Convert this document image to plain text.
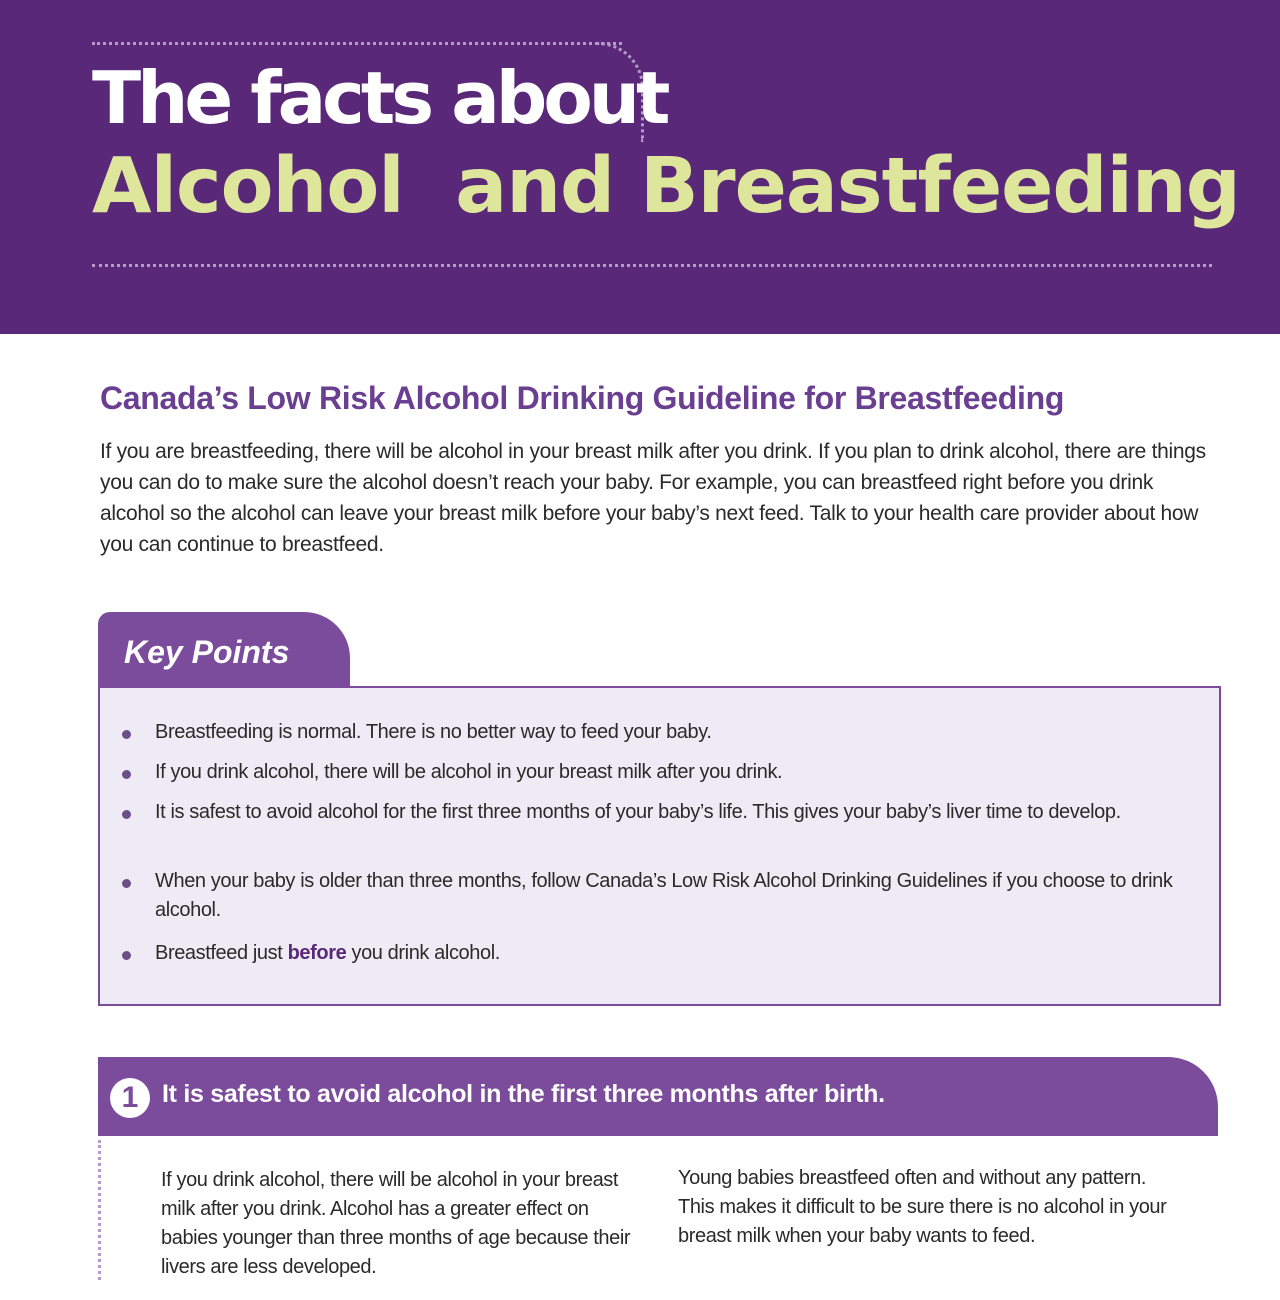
The facts about
Alcohol  and Breastfeeding
Canada’s Low Risk Alcohol Drinking Guideline for Breastfeeding

If you are breastfeeding, there will be alcohol in your breast milk after you drink. If you plan to drink alcohol, there are things you can do to make sure the alcohol doesn’t reach your baby. For example, you can breastfeed right before you drink alcohol so the alcohol can leave your breast milk before your baby’s next feed. Talk to your health care provider about how you can continue to breastfeed.

Key Points
Breastfeeding is normal. There is no better way to feed your baby.
If you drink alcohol, there will be alcohol in your breast milk after you drink.
It is safest to avoid alcohol for the first three months of your baby’s life. This gives your baby’s liver time to develop.
When your baby is older than three months, follow Canada’s Low Risk Alcohol Drinking Guidelines if you choose to drink alcohol.
Breastfeed just before you drink alcohol.
1 It is safest to avoid alcohol in the first three months after birth.

If you drink alcohol, there will be alcohol in your breast milk after you drink. Alcohol has a greater effect on babies younger than three months of age because their livers are less developed.

Young babies breastfeed often and without any pattern. This makes it difficult to be sure there is no alcohol in your breast milk when your baby wants to feed.
